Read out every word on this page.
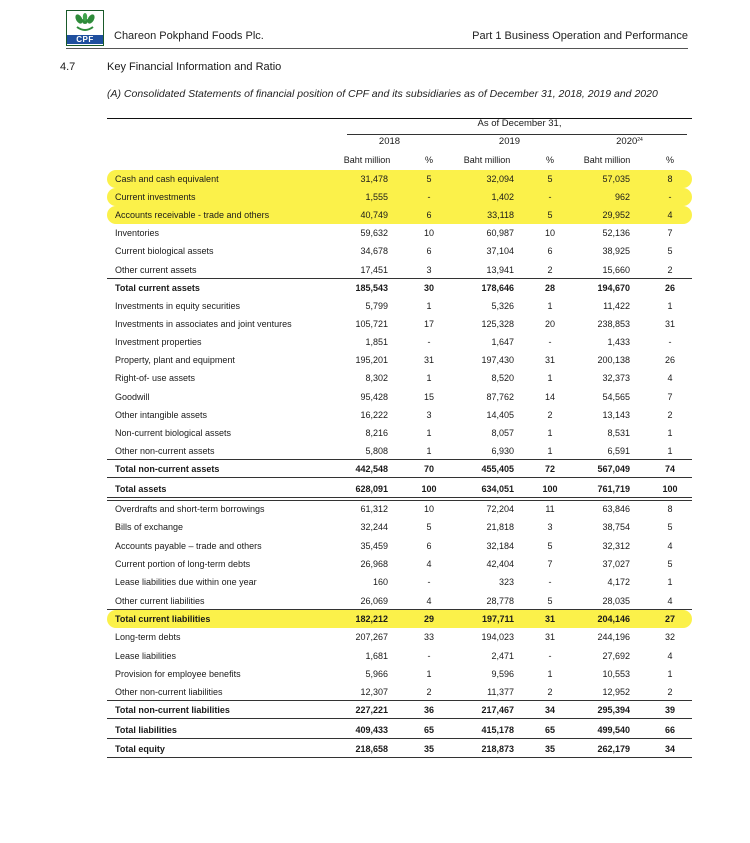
CPF	Chareon Pokphand Foods Plc.	Part 1 Business Operation and Performance
4.7	Key Financial Information and Ratio
(A) Consolidated Statements of financial position of CPF and its subsidiaries as of December 31, 2018, 2019 and 2020
As of December 31,
2018	2019	2020$^{24}$
Baht million	%	Baht million	%	Baht million	%
Cash and cash equivalent	31,478	5	32,094	5	57,035	8
Current investments	1,555	-	1,402	-	962	-
Accounts receivable - trade and others	40,749	6	33,118	5	29,952	4
Inventories	59,632	10	60,987	10	52,136	7
Current biological assets	34,678	6	37,104	6	38,925	5
Other current assets	17,451	3	13,941	2	15,660	2
Total current assets	185,543	30	178,646	28	194,670	26
Investments in equity securities	5,799	1	5,326	1	11,422	1
Investments in associates and joint ventures	105,721	17	125,328	20	238,853	31
Investment properties	1,851	-	1,647	-	1,433	-
Property, plant and equipment	195,201	31	197,430	31	200,138	26
Right-of- use assets	8,302	1	8,520	1	32,373	4
Goodwill	95,428	15	87,762	14	54,565	7
Other intangible assets	16,222	3	14,405	2	13,143	2
Non-current biological assets	8,216	1	8,057	1	8,531	1
Other non-current assets	5,808	1	6,930	1	6,591	1
Total non-current assets	442,548	70	455,405	72	567,049	74
Total assets	628,091	100	634,051	100	761,719	100
Overdrafts and short-term borrowings	61,312	10	72,204	11	63,846	8
Bills of exchange	32,244	5	21,818	3	38,754	5
Accounts payable – trade and others	35,459	6	32,184	5	32,312	4
Current portion of long-term debts	26,968	4	42,404	7	37,027	5
Lease liabilities due within one year	160	-	323	-	4,172	1
Other current liabilities	26,069	4	28,778	5	28,035	4
Total current liabilities	182,212	29	197,711	31	204,146	27
Long-term debts	207,267	33	194,023	31	244,196	32
Lease liabilities	1,681	-	2,471	-	27,692	4
Provision for employee benefits	5,966	1	9,596	1	10,553	1
Other non-current liabilities	12,307	2	11,377	2	12,952	2
Total non-current liabilities	227,221	36	217,467	34	295,394	39
Total liabilities	409,433	65	415,178	65	499,540	66
Total equity	218,658	35	218,873	35	262,179	34
